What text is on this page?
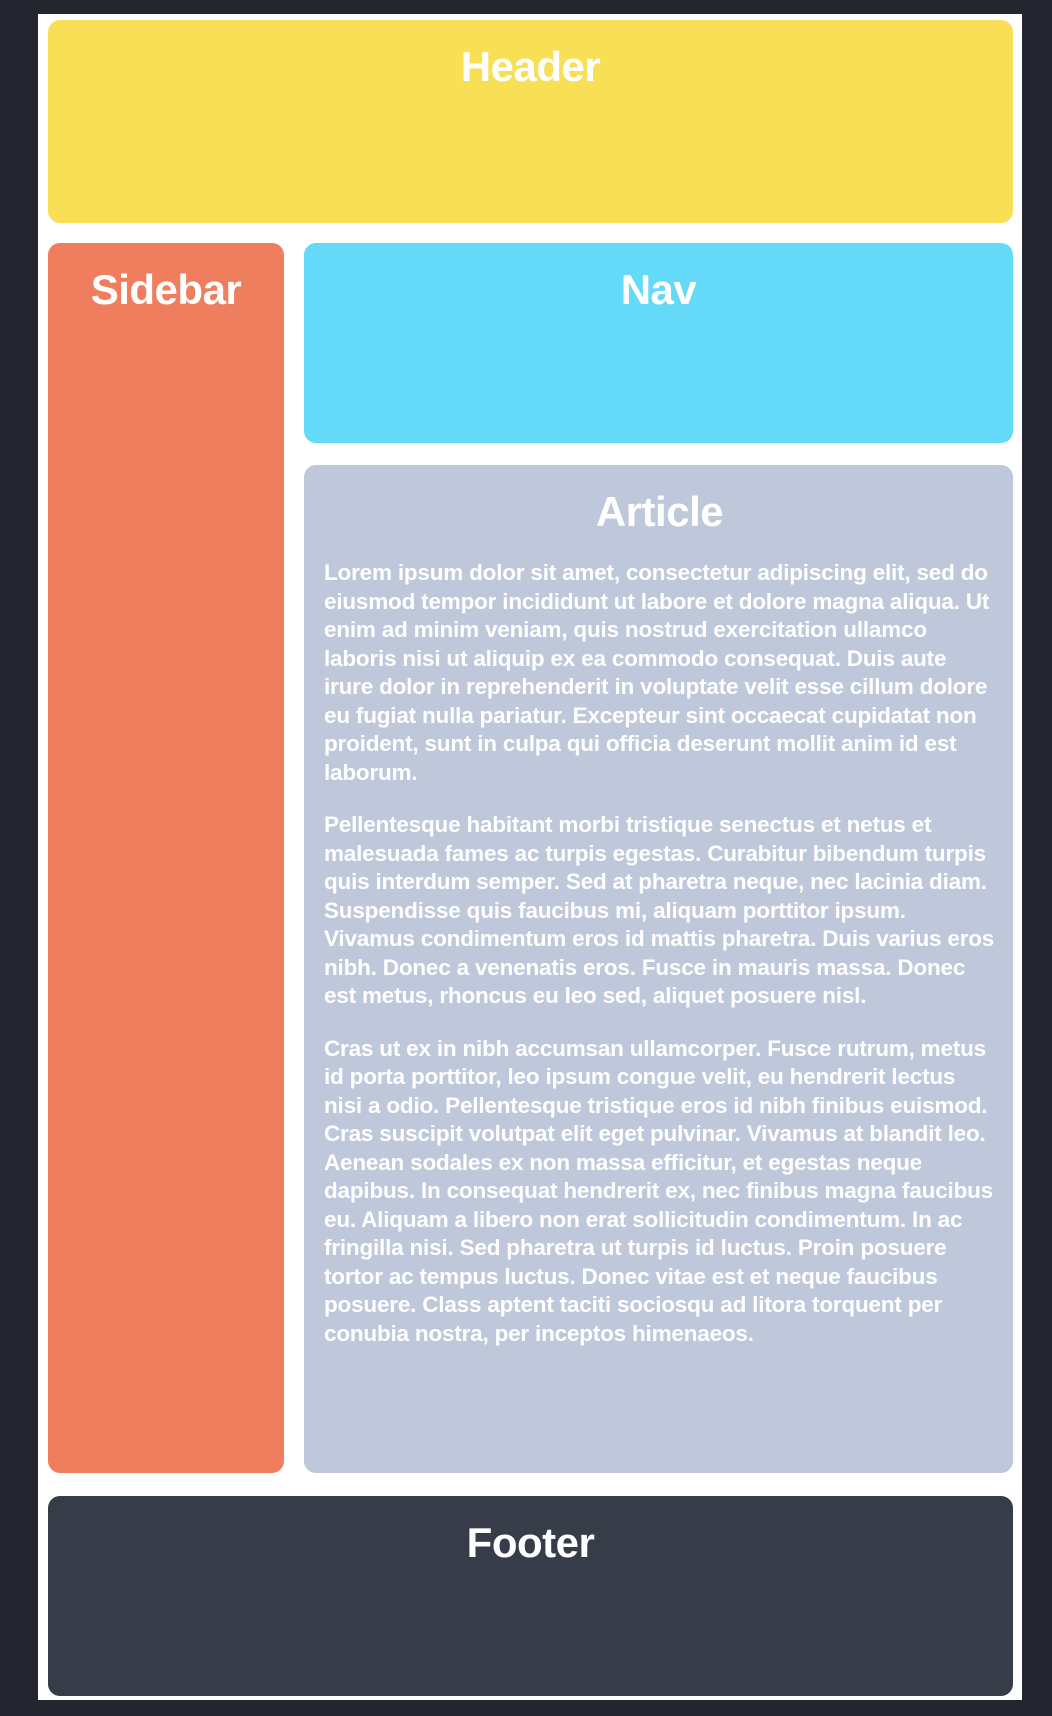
Header
Sidebar	Nav
Article

Lorem ipsum dolor sit amet, consectetur adipiscing elit, sed do eiusmod tempor incididunt ut labore et dolore magna aliqua. Ut enim ad minim veniam, quis nostrud exercitation ullamco laboris nisi ut aliquip ex ea commodo consequat. Duis aute irure dolor in reprehenderit in voluptate velit esse cillum dolore eu fugiat nulla pariatur. Excepteur sint occaecat cupidatat non proident, sunt in culpa qui officia deserunt mollit anim id est laborum.

Pellentesque habitant morbi tristique senectus et netus et malesuada fames ac turpis egestas. Curabitur bibendum turpis quis interdum semper. Sed at pharetra neque, nec lacinia diam. Suspendisse quis faucibus mi, aliquam porttitor ipsum. Vivamus condimentum eros id mattis pharetra. Duis varius eros nibh. Donec a venenatis eros. Fusce in mauris massa. Donec est metus, rhoncus eu leo sed, aliquet posuere nisl.

Cras ut ex in nibh accumsan ullamcorper. Fusce rutrum, metus id porta porttitor, leo ipsum congue velit, eu hendrerit lectus nisi a odio. Pellentesque tristique eros id nibh finibus euismod. Cras suscipit volutpat elit eget pulvinar. Vivamus at blandit leo. Aenean sodales ex non massa efficitur, et egestas neque dapibus. In consequat hendrerit ex, nec finibus magna faucibus eu. Aliquam a libero non erat sollicitudin condimentum. In ac fringilla nisi. Sed pharetra ut turpis id luctus. Proin posuere tortor ac tempus luctus. Donec vitae est et neque faucibus posuere. Class aptent taciti sociosqu ad litora torquent per conubia nostra, per inceptos himenaeos.

Footer
